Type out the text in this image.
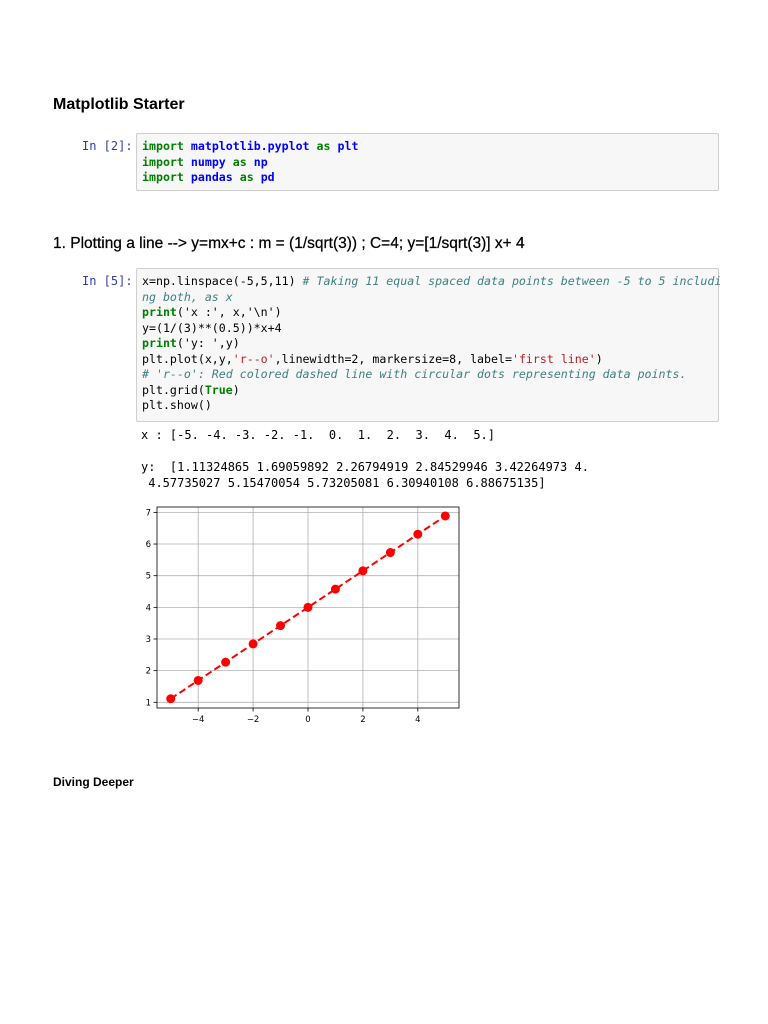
Matplotlib Starter
In [2]: import matplotlib.pyplot as plt
import numpy as np
import pandas as pd
1. Plotting a line --> y=mx+c : m = (1/sqrt(3)) ; C=4; y=[1/sqrt(3)] x+ 4
In [5]: x=np.linspace(-5,5,11) # Taking 11 equal spaced data points between -5 to 5 includi
ng both, as x
print('x :', x,'\n')
y=(1/(3)**(0.5))*x+4
print('y: ',y)
plt.plot(x,y,'r--o',linewidth=2, markersize=8, label='first line')
# 'r--o': Red colored dashed line with circular dots representing data points.
plt.grid(True)
plt.show()
x : [-5. -4. -3. -2. -1.  0.  1.  2.  3.  4.  5.]
y:  [1.11324865 1.69059892 2.26794919 2.84529946 3.42264973 4.
4.57735027 5.15470054 5.73205081 6.30940108 6.88675135]
−4	−2	0	2	4
1
2
3
4
5
6
7
Diving Deeper
